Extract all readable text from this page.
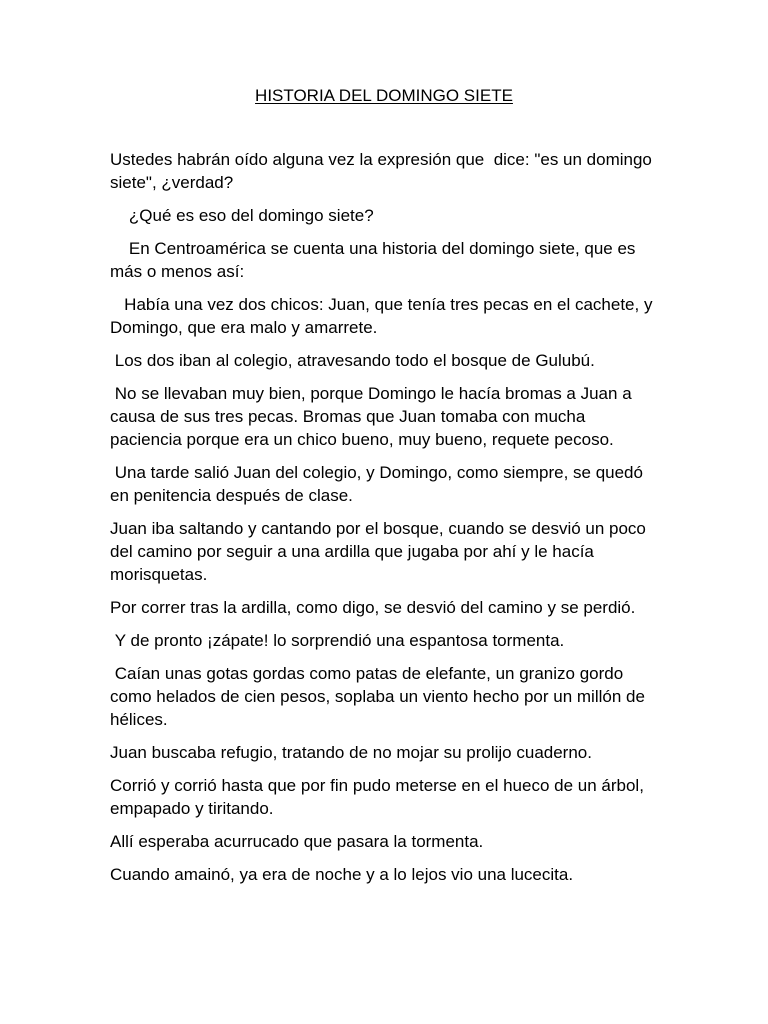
HISTORIA DEL DOMINGO SIETE

Ustedes habrán oído alguna vez la expresión que  dice: "es un domingo siete", ¿verdad?

¿Qué es eso del domingo siete?

En Centroamérica se cuenta una historia del domingo siete, que es más o menos así:

Había una vez dos chicos: Juan, que tenía tres pecas en el cachete, y Domingo, que era malo y amarrete.

Los dos iban al colegio, atravesando todo el bosque de Gulubú.

No se llevaban muy bien, porque Domingo le hacía bromas a Juan a causa de sus tres pecas. Bromas que Juan tomaba con mucha paciencia porque era un chico bueno, muy bueno, requete pecoso.

Una tarde salió Juan del colegio, y Domingo, como siempre, se quedó en penitencia después de clase.

Juan iba saltando y cantando por el bosque, cuando se desvió un poco del camino por seguir a una ardilla que jugaba por ahí y le hacía morisquetas.

Por correr tras la ardilla, como digo, se desvió del camino y se perdió.

Y de pronto ¡zápate! lo sorprendió una espantosa tormenta.

Caían unas gotas gordas como patas de elefante, un granizo gordo como helados de cien pesos, soplaba un viento hecho por un millón de hélices.

Juan buscaba refugio, tratando de no mojar su prolijo cuaderno.

Corrió y corrió hasta que por fin pudo meterse en el hueco de un árbol, empapado y tiritando.

Allí esperaba acurrucado que pasara la tormenta.

Cuando amainó, ya era de noche y a lo lejos vio una lucecita.
